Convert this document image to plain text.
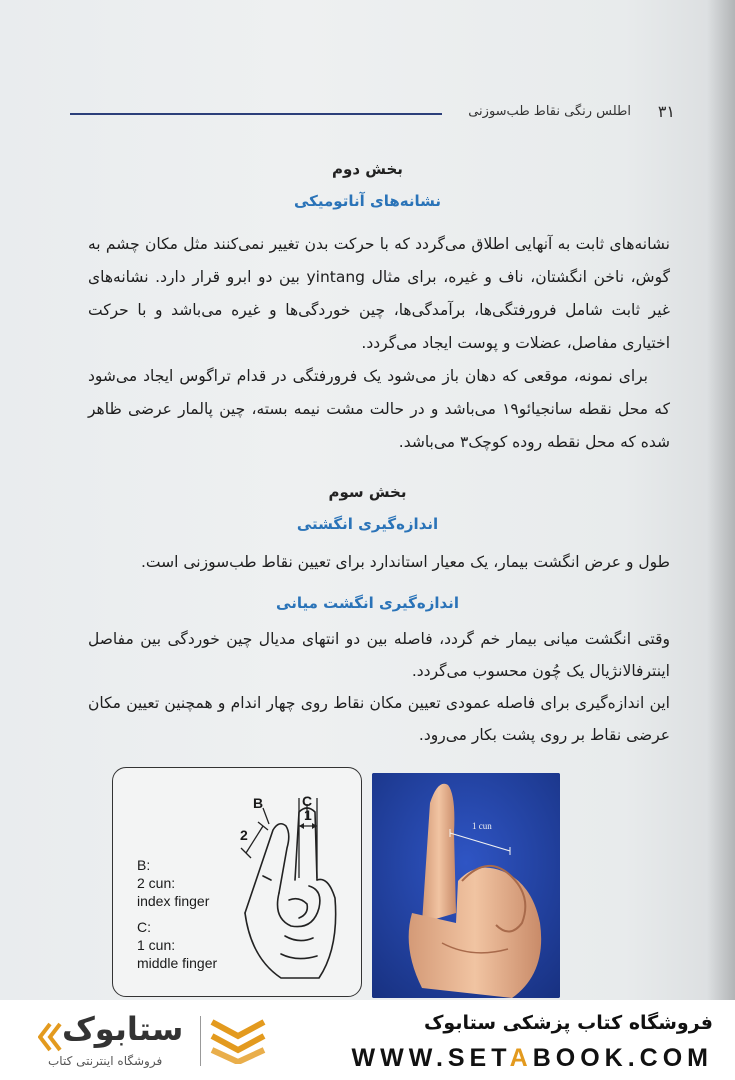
۳۱
اطلس رنگی نقاط طب‌سوزنی
بخش دوم
نشانه‌های آناتومیکی

نشانه‌های ثابت به آنهایی اطلاق می‌گردد که با حرکت بدن تغییر نمی‌کنند مثل مکان چشم به گوش، ناخن انگشتان، ناف و غیره، برای مثال yintang بین دو ابرو قرار دارد. نشانه‌های غیر ثابت شامل فرورفتگی‌ها، برآمدگی‌ها، چین خوردگی‌ها و غیره می‌باشد و با حرکت اختیاری مفاصل، عضلات و پوست ایجاد می‌گردد.

برای نمونه، موقعی که دهان باز می‌شود یک فرورفتگی در قدام تراگوس ایجاد می‌شود که محل نقطه سانجیائو۱۹ می‌باشد و در حالت مشت نیمه بسته، چین پالمار عرضی ظاهر شده که محل نقطه روده کوچک۳ می‌باشد.

بخش سوم
اندازه‌گیری انگشتی

طول و عرض انگشت بیمار، یک معیار استاندارد برای تعیین نقاط طب‌سوزنی است.

اندازه‌گیری انگشت میانی

وقتی انگشت میانی بیمار خم گردد، فاصله بین دو انتهای مدیال چین خوردگی بین مفاصل اینترفالانژیال یک چُون محسوب می‌گردد.

این اندازه‌گیری برای فاصله عمودی تعیین مکان نقاط روی چهار اندام و همچنین تعیین مکان عرضی نقاط بر روی پشت بکار می‌رود.

B	C
2
1
B:
2 cun:
index finger
C:
1 cun:
middle finger
1 cun
فروشگاه کتاب پزشکی ستابوک
WWW.SETABOOK.COM
ستابوک
فروشگاه اینترنتی کتاب
